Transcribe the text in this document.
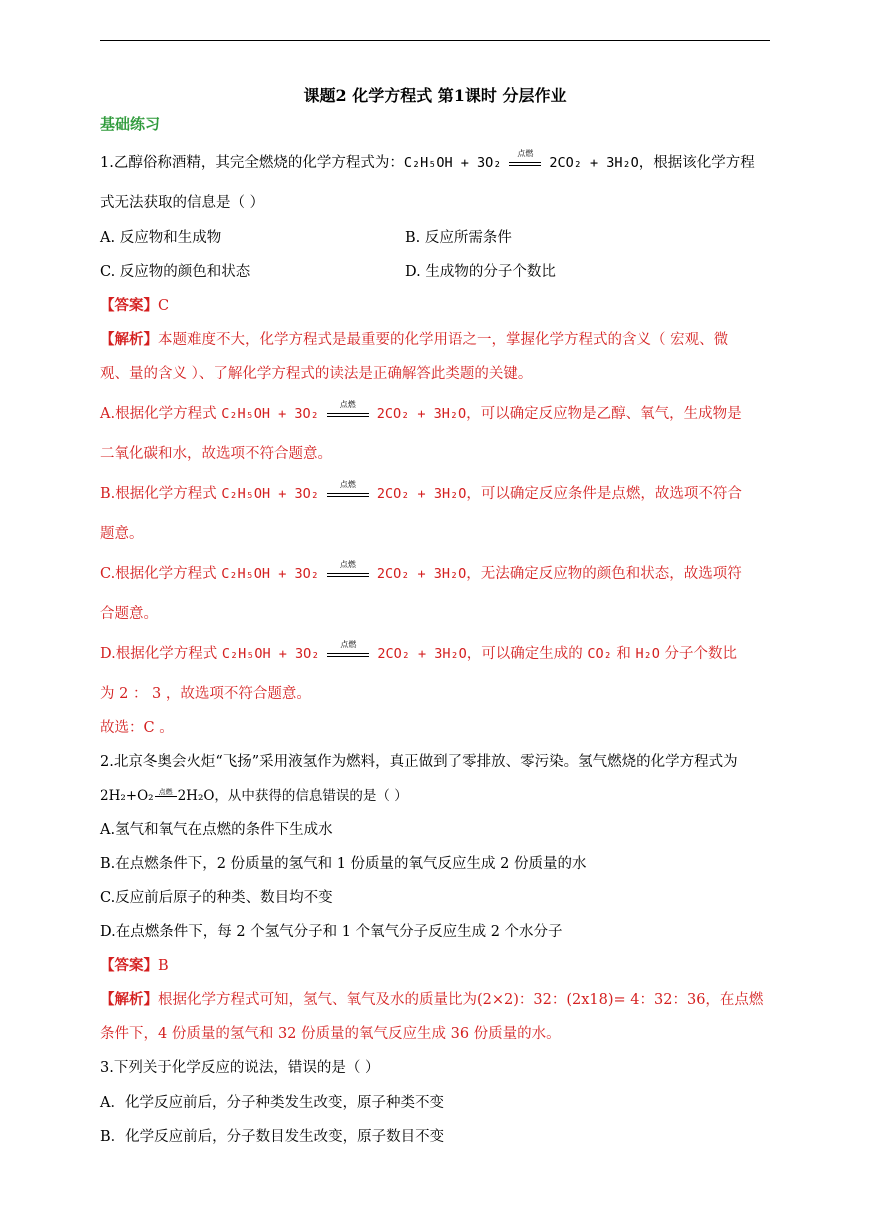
课题2 化学方程式 第1课时 分层作业
基础练习
1.乙醇俗称酒精，其完全燃烧的化学方程式为：C₂H₅OH + 3O₂
点燃
2CO₂ + 3H₂O，根据该化学方程
式无法获取的信息是（ ）
A. 反应物和生成物	B. 反应所需条件
C. 反应物的颜色和状态	D. 生成物的分子个数比
【答案】C
【解析】本题难度不大，化学方程式是最重要的化学用语之一，掌握化学方程式的含义（ 宏观、微
观、量的含义 ）、了解化学方程式的读法是正确解答此类题的关键。
A.根据化学方程式 C₂H₅OH + 3O₂
点燃
2CO₂ + 3H₂O，可以确定反应物是乙醇、氧气，生成物是
二氧化碳和水，故选项不符合题意。
B.根据化学方程式 C₂H₅OH + 3O₂
点燃
2CO₂ + 3H₂O，可以确定反应条件是点燃，故选项不符合
题意。
C.根据化学方程式 C₂H₅OH + 3O₂
点燃
2CO₂ + 3H₂O，无法确定反应物的颜色和状态，故选项符
合题意。
D.根据化学方程式 C₂H₅OH + 3O₂
点燃
2CO₂ + 3H₂O，可以确定生成的 CO₂ 和 H₂O 分子个数比
为 2 ： 3 ，故选项不符合题意。
故选：C 。
2.北京冬奥会火炬“飞扬”采用液氢作为燃料，真正做到了零排放、零污染。氢气燃烧的化学方程式为
2H₂+O₂ 点燃 2H₂O，从中获得的信息错误的是（ ）
A.氢气和氧气在点燃的条件下生成水
B.在点燃条件下，2 份质量的氢气和 1 份质量的氧气反应生成 2 份质量的水
C.反应前后原子的种类、数目均不变
D.在点燃条件下，每 2 个氢气分子和 1 个氧气分子反应生成 2 个水分子
【答案】B
【解析】根据化学方程式可知，氢气、氧气及水的质量比为(2×2)：32：(2x18)= 4：32：36，在点燃
条件下，4 份质量的氢气和 32 份质量的氧气反应生成 36 份质量的水。
3.下列关于化学反应的说法，错误的是（ ）
A．化学反应前后，分子种类发生改变，原子种类不变
B．化学反应前后，分子数目发生改变，原子数目不变
